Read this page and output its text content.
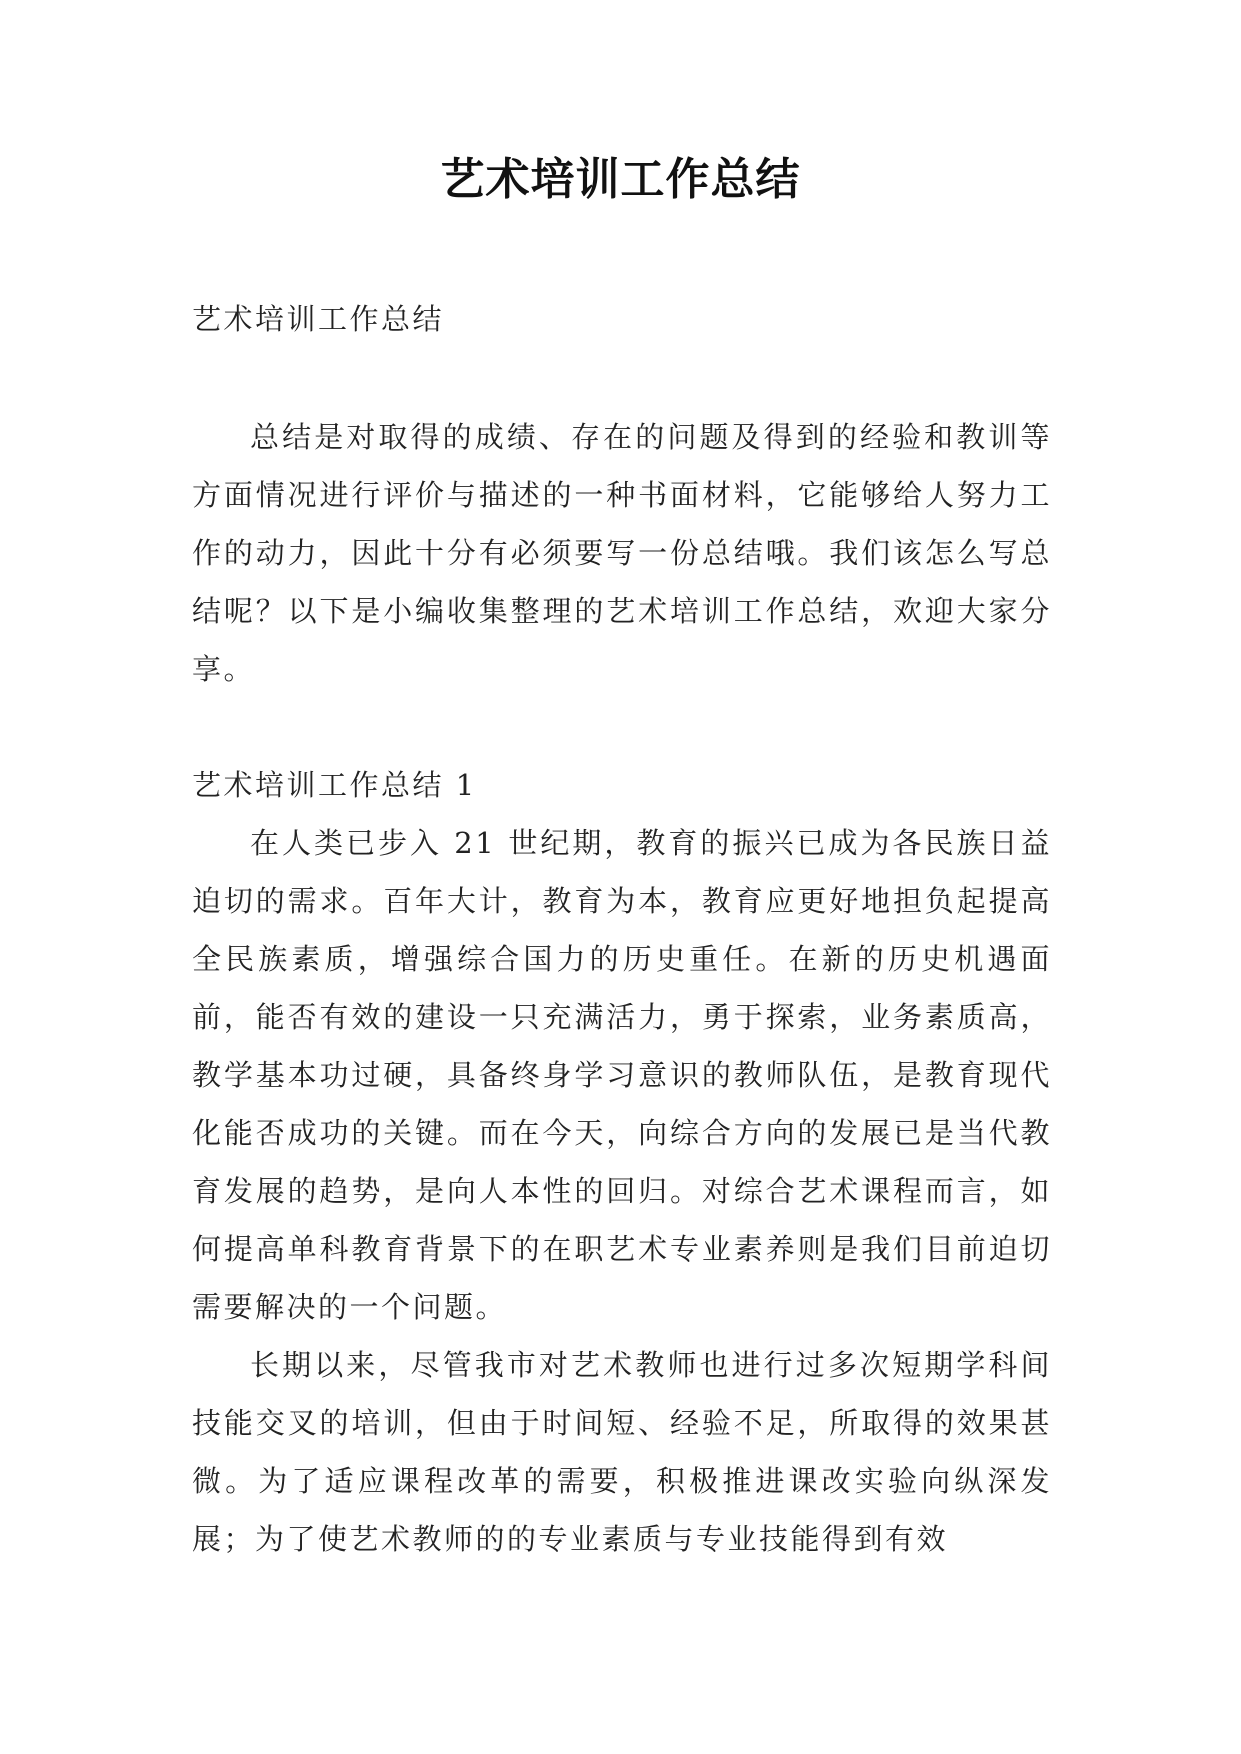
艺术培训工作总结

艺术培训工作总结

总结是对取得的成绩、存在的问题及得到的经验和教训等方面情况进行评价与描述的一种书面材料，它能够给人努力工作的动力，因此十分有必须要写一份总结哦。我们该怎么写总结呢？以下是小编收集整理的艺术培训工作总结，欢迎大家分享。

艺术培训工作总结 1

在人类已步入 21 世纪期，教育的振兴已成为各民族日益迫切的需求。百年大计，教育为本，教育应更好地担负起提高全民族素质，增强综合国力的历史重任。在新的历史机遇面前，能否有效的建设一只充满活力，勇于探索，业务素质高，教学基本功过硬，具备终身学习意识的教师队伍，是教育现代化能否成功的关键。而在今天，向综合方向的发展已是当代教育发展的趋势，是向人本性的回归。对综合艺术课程而言，如何提高单科教育背景下的在职艺术专业素养则是我们目前迫切需要解决的一个问题。

长期以来，尽管我市对艺术教师也进行过多次短期学科间技能交叉的培训，但由于时间短、经验不足，所取得的效果甚微。为了适应课程改革的需要，积极推进课改实验向纵深发展；为了使艺术教师的的专业素质与专业技能得到有效
